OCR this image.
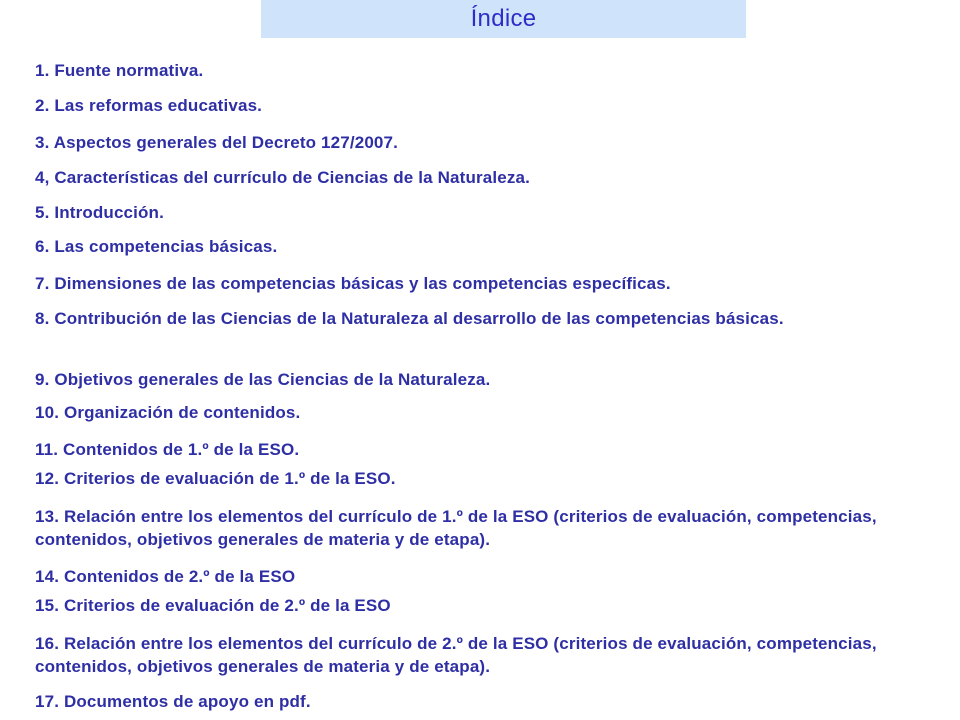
Índice
1. Fuente normativa.
2. Las reformas educativas.
3. Aspectos generales del Decreto 127/2007.
4, Características del currículo de Ciencias de la Naturaleza.
5. Introducción.
6. Las competencias básicas.
7. Dimensiones de las competencias básicas y las competencias específicas.
8. Contribución de las Ciencias de la Naturaleza al desarrollo de las competencias básicas.
9. Objetivos generales de las Ciencias de la Naturaleza.
10. Organización de contenidos.
11. Contenidos de 1.º de la ESO.
12. Criterios de evaluación de 1.º de la ESO.
13. Relación entre los elementos del currículo de 1.º de la ESO (criterios de evaluación, competencias, contenidos, objetivos generales de materia y de etapa).
14. Contenidos de 2.º de la ESO
15. Criterios de evaluación de 2.º de la ESO
16. Relación entre los elementos del currículo de 2.º de la ESO (criterios de evaluación, competencias, contenidos, objetivos generales de materia y de etapa).
17. Documentos de apoyo en pdf.
